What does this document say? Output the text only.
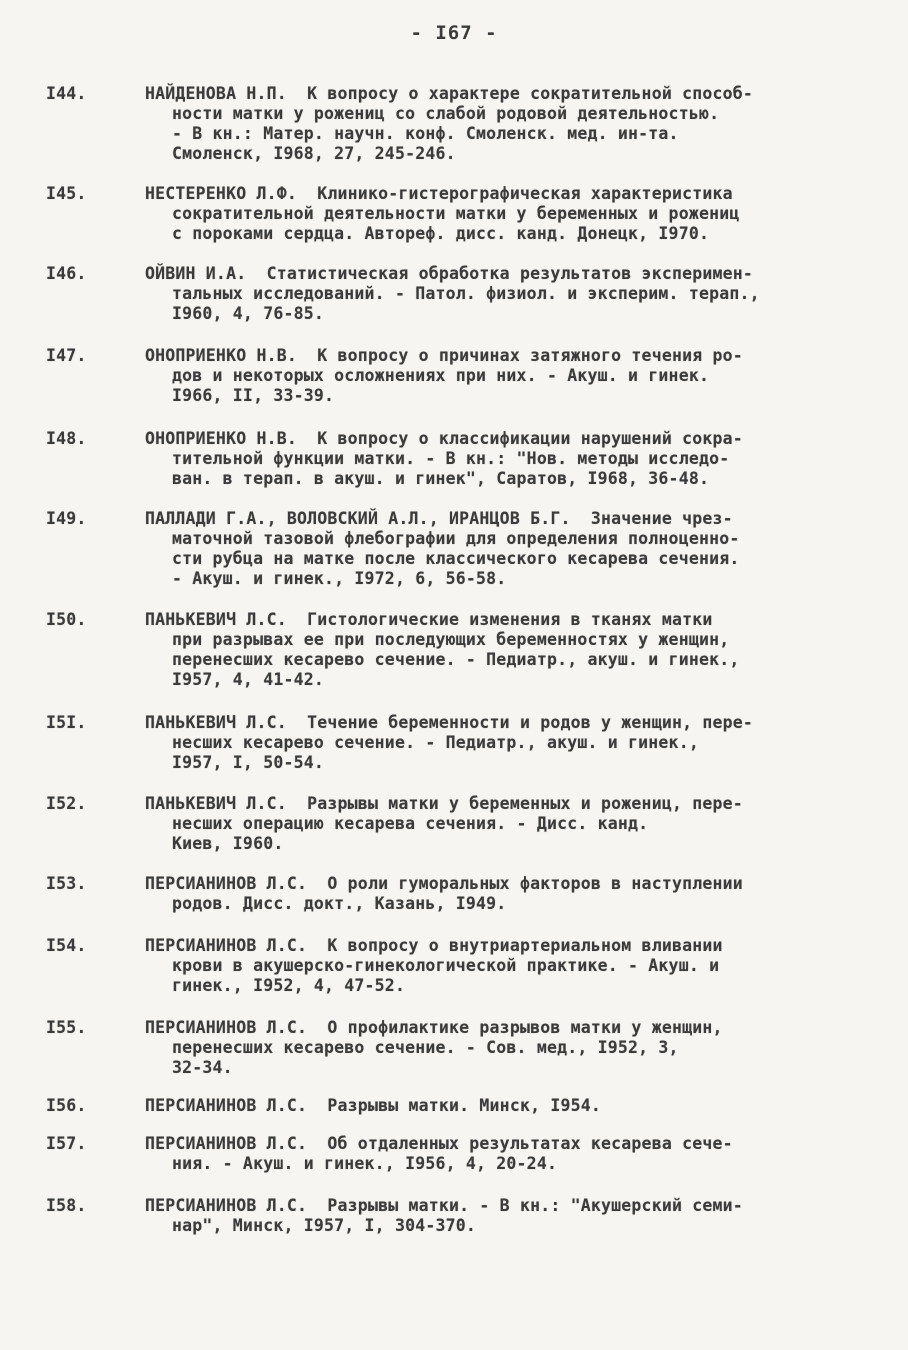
- I67 -
I44.	НАЙДЕНОВА Н.П.  К вопросу о характере сократительной способ-
ности матки у рожениц со слабой родовой деятельностью.
- В кн.: Матер. научн. конф. Смоленск. мед. ин-та.
Смоленск, I968, 27, 245-246.
I45.	НЕСТЕРЕНКО Л.Ф.  Клинико-гистерографическая характеристика
сократительной деятельности матки у беременных и рожениц
с пороками сердца. Автореф. дисс. канд. Донецк, I970.
I46.	ОЙВИН И.А.  Статистическая обработка результатов эксперимен-
тальных исследований. - Патол. физиол. и эксперим. терап.,
I960, 4, 76-85.
I47.	ОНОПРИЕНКО Н.В.  К вопросу о причинах затяжного течения ро-
дов и некоторых осложнениях при них. - Акуш. и гинек.
I966, II, 33-39.
I48.	ОНОПРИЕНКО Н.В.  К вопросу о классификации нарушений сокра-
тительной функции матки. - В кн.: "Нов. методы исследо-
ван. в терап. в акуш. и гинек", Саратов, I968, 36-48.
I49.	ПАЛЛАДИ Г.А., ВОЛОВСКИЙ А.Л., ИРАНЦОВ Б.Г.  Значение чрез-
маточной тазовой флебографии для определения полноценно-
сти рубца на матке после классического кесарева сечения.
- Акуш. и гинек., I972, 6, 56-58.
I50.	ПАНЬКЕВИЧ Л.С.  Гистологические изменения в тканях матки
при разрывах ее при последующих беременностях у женщин,
перенесших кесарево сечение. - Педиатр., акуш. и гинек.,
I957, 4, 41-42.
I5I.	ПАНЬКЕВИЧ Л.С.  Течение беременности и родов у женщин, пере-
несших кесарево сечение. - Педиатр., акуш. и гинек.,
I957, I, 50-54.
I52.	ПАНЬКЕВИЧ Л.С.  Разрывы матки у беременных и рожениц, пере-
несших операцию кесарева сечения. - Дисс. канд.
Киев, I960.
I53.	ПЕРСИАНИНОВ Л.С.  О роли гуморальных факторов в наступлении
родов. Дисс. докт., Казань, I949.
I54.	ПЕРСИАНИНОВ Л.С.  К вопросу о внутриартериальном вливании
крови в акушерско-гинекологической практике. - Акуш. и
гинек., I952, 4, 47-52.
I55.	ПЕРСИАНИНОВ Л.С.  О профилактике разрывов матки у женщин,
перенесших кесарево сечение. - Сов. мед., I952, 3,
32-34.
I56.	ПЕРСИАНИНОВ Л.С.  Разрывы матки. Минск, I954.
I57.	ПЕРСИАНИНОВ Л.С.  Об отдаленных результатах кесарева сече-
ния. - Акуш. и гинек., I956, 4, 20-24.
I58.	ПЕРСИАНИНОВ Л.С.  Разрывы матки. - В кн.: "Акушерский семи-
нар", Минск, I957, I, 304-370.
